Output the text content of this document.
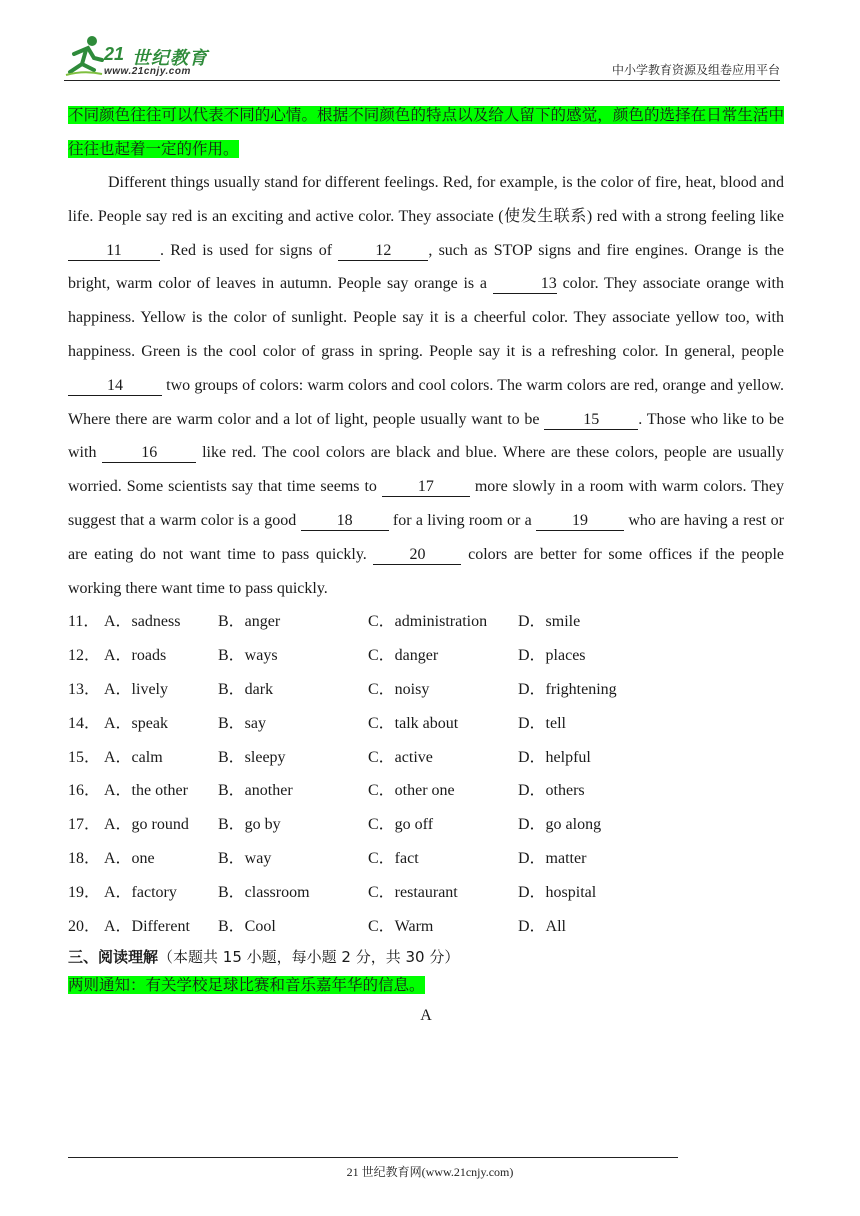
21 世纪教育
www.21cnjy.com	中小学教育资源及组卷应用平台

不同颜色往往可以代表不同的心情。根据不同颜色的特点以及给人留下的感觉，颜色的选择在日常生活中往往也起着一定的作用。

Different things usually stand for different feelings. Red, for example, is the color of fire, heat, blood and life. People say red is an exciting and active color. They associate (使发生联系) red with a strong feeling like 11 . Red is used for signs of 12 , such as STOP signs and fire engines. Orange is the bright, warm color of leaves in autumn. People say orange is a	13 color. They associate orange with happiness. Yellow is the color of sunlight. People say it is a cheerful color. They associate yellow too, with happiness. Green is the cool color of grass in spring. People say it is a refreshing color. In general, people 14 two groups of colors: warm colors and cool colors. The warm colors are red, orange and yellow. Where there are warm color and a lot of light, people usually want to be 15 . Those who like to be with 16 like red. The cool colors are black and blue. Where are these colors, people are usually worried. Some scientists say that time seems to 17 more slowly in a room with warm colors. They suggest that a warm color is a good 18 for a living room or a 19 who are having a rest or are eating do not want time to pass quickly. 20 colors are better for some offices if the people working there want time to pass quickly.

11． A．sadness B．anger	C．administration D．smile
12． A．roads	B．ways	C．danger	D．places
13． A．lively	B．dark	C．noisy	D．frightening
14． A．speak	B．say	C．talk about	D．tell
15． A．calm	B．sleepy	C．active	D．helpful
16． A．the other B．another	C．other one	D．others
17． A．go round B．go by	C．go off	D．go along
18． A．one	B．way	C．fact	D．matter
19． A．factory	B．classroom	C．restaurant	D．hospital
20． A．Different B．Cool	C．Warm	D．All
三、阅读理解（本题共 15 小题，每小题 2 分，共 30 分）
两则通知：有关学校足球比赛和音乐嘉年华的信息。
A
21 世纪教育网(www.21cnjy.com)
